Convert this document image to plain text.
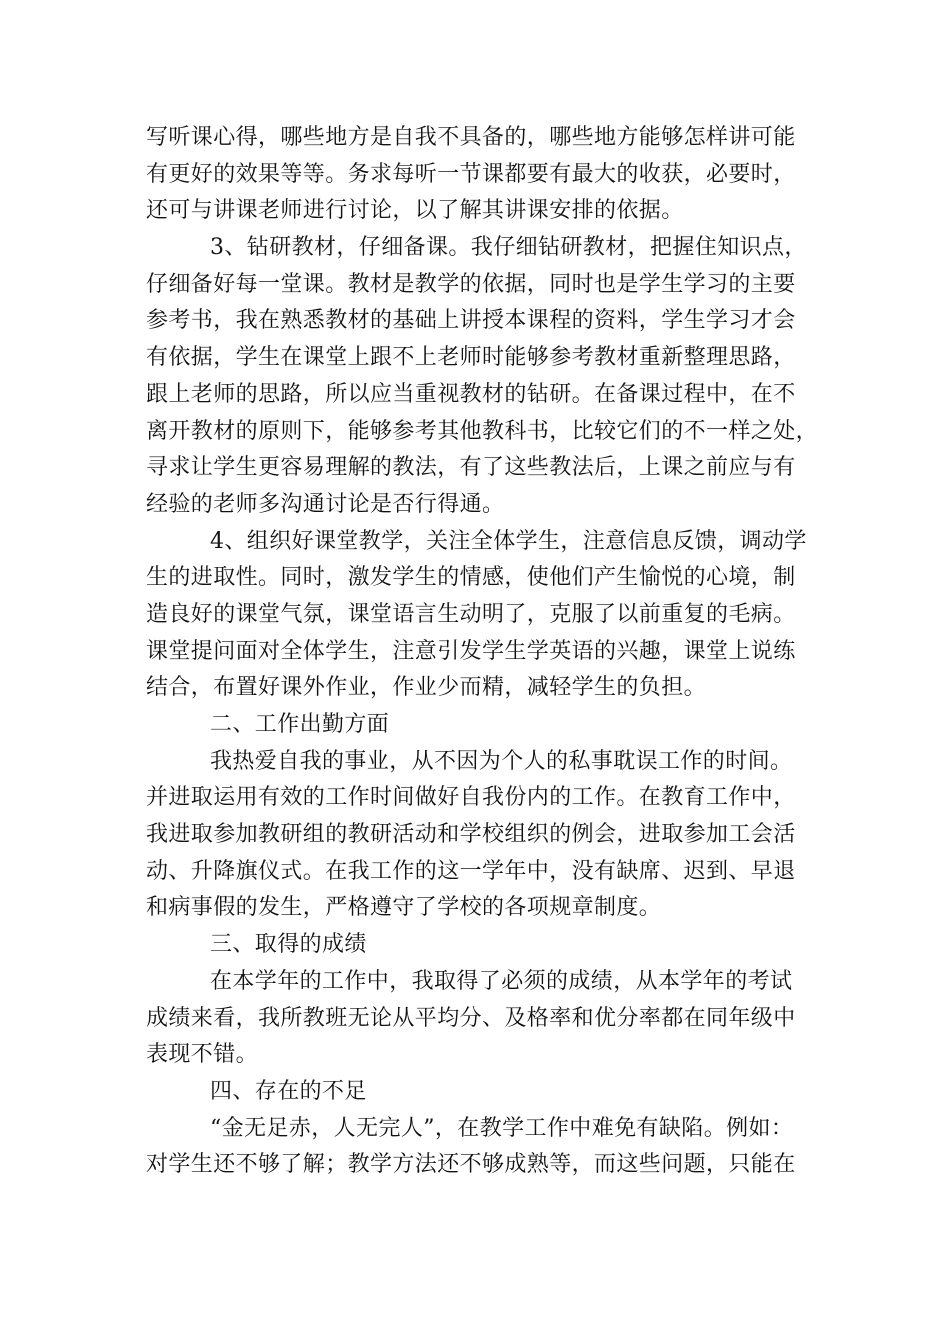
写听课心得，哪些地方是自我不具备的，哪些地方能够怎样讲可能
有更好的效果等等。务求每听一节课都要有最大的收获，必要时，
还可与讲课老师进行讨论，以了解其讲课安排的依据。
3、钻研教材，仔细备课。我仔细钻研教材，把握住知识点，
仔细备好每一堂课。教材是教学的依据，同时也是学生学习的主要
参考书，我在熟悉教材的基础上讲授本课程的资料，学生学习才会
有依据，学生在课堂上跟不上老师时能够参考教材重新整理思路，
跟上老师的思路，所以应当重视教材的钻研。在备课过程中，在不
离开教材的原则下，能够参考其他教科书，比较它们的不一样之处，
寻求让学生更容易理解的教法，有了这些教法后，上课之前应与有
经验的老师多沟通讨论是否行得通。
4、组织好课堂教学，关注全体学生，注意信息反馈，调动学
生的进取性。同时，激发学生的情感，使他们产生愉悦的心境，制
造良好的课堂气氛，课堂语言生动明了，克服了以前重复的毛病。
课堂提问面对全体学生，注意引发学生学英语的兴趣，课堂上说练
结合，布置好课外作业，作业少而精，减轻学生的负担。
二、工作出勤方面
我热爱自我的事业，从不因为个人的私事耽误工作的时间。
并进取运用有效的工作时间做好自我份内的工作。在教育工作中，
我进取参加教研组的教研活动和学校组织的例会，进取参加工会活
动、升降旗仪式。在我工作的这一学年中，没有缺席、迟到、早退
和病事假的发生，严格遵守了学校的各项规章制度。
三、取得的成绩
在本学年的工作中，我取得了必须的成绩，从本学年的考试
成绩来看，我所教班无论从平均分、及格率和优分率都在同年级中
表现不错。
四、存在的不足
“金无足赤，人无完人”，在教学工作中难免有缺陷。例如：
对学生还不够了解；教学方法还不够成熟等，而这些问题，只能在
